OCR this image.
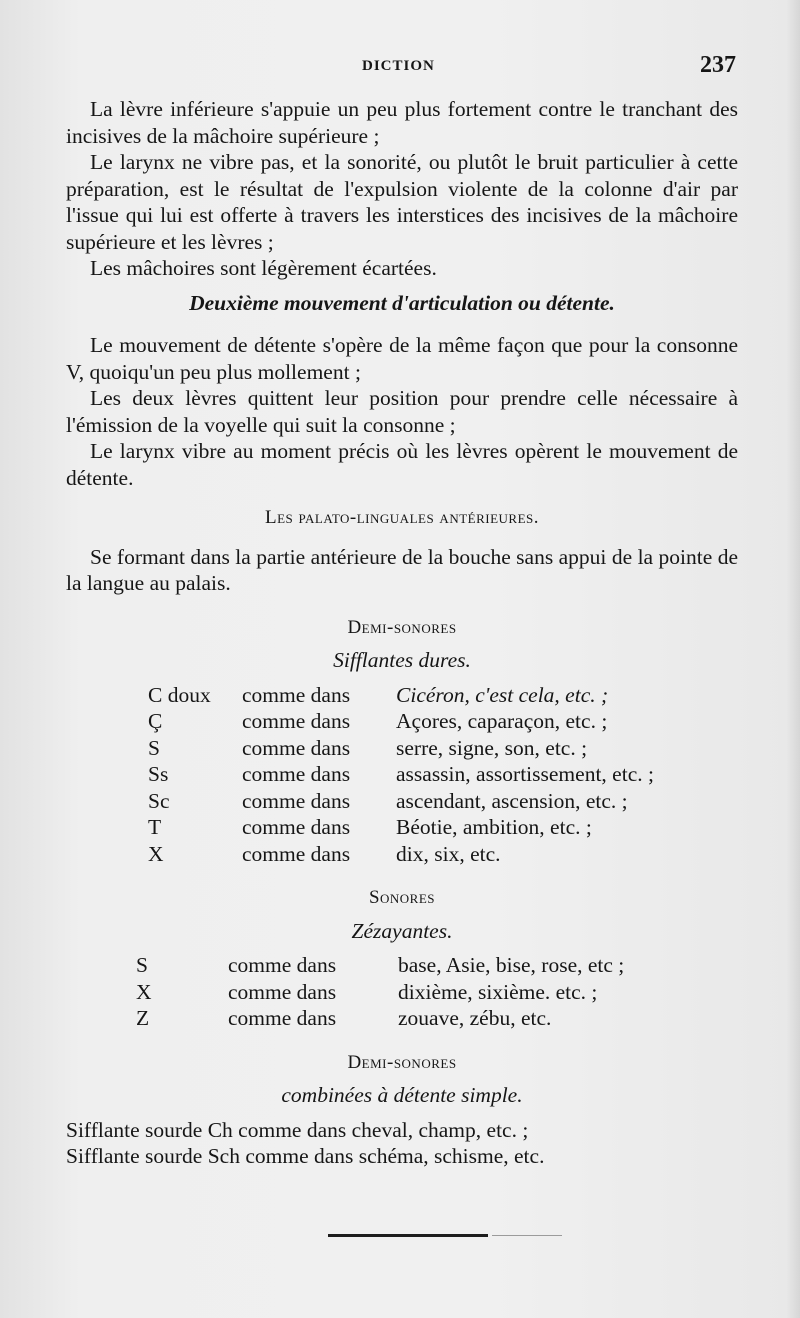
DICTION	237

La lèvre inférieure s'appuie un peu plus fortement contre le tranchant des incisives de la mâchoire supérieure ;

Le larynx ne vibre pas, et la sonorité, ou plutôt le bruit particulier à cette préparation, est le résultat de l'expulsion violente de la colonne d'air par l'issue qui lui est offerte à travers les interstices des incisives de la mâchoire supérieure et les lèvres ;

Les mâchoires sont légèrement écartées.

Deuxième mouvement d'articulation ou détente.

Le mouvement de détente s'opère de la même façon que pour la consonne V, quoiqu'un peu plus mollement ;

Les deux lèvres quittent leur position pour prendre celle nécessaire à l'émission de la voyelle qui suit la consonne ;

Le larynx vibre au moment précis où les lèvres opèrent le mouvement de détente.

Les palato-linguales antérieures.

Se formant dans la partie antérieure de la bouche sans appui de la pointe de la langue au palais.

Demi-sonores

Sifflantes dures.

C doux	comme dans	Cicéron, c'est cela, etc. ;
Ç	comme dans	Açores, caparaçon, etc. ;
S	comme dans	serre, signe, son, etc. ;
Ss	comme dans	assassin, assortissement, etc. ;
Sc	comme dans	ascendant, ascension, etc. ;
T	comme dans	Béotie, ambition, etc. ;
X	comme dans	dix, six, etc.

Sonores

Zézayantes.

S	comme dans	base, Asie, bise, rose, etc ;
X	comme dans	dixième, sixième. etc. ;
Z	comme dans	zouave, zébu, etc.

Demi-sonores

combinées à détente simple.

Sifflante sourde Ch comme dans cheval, champ, etc. ;
Sifflante sourde Sch comme dans schéma, schisme, etc.
